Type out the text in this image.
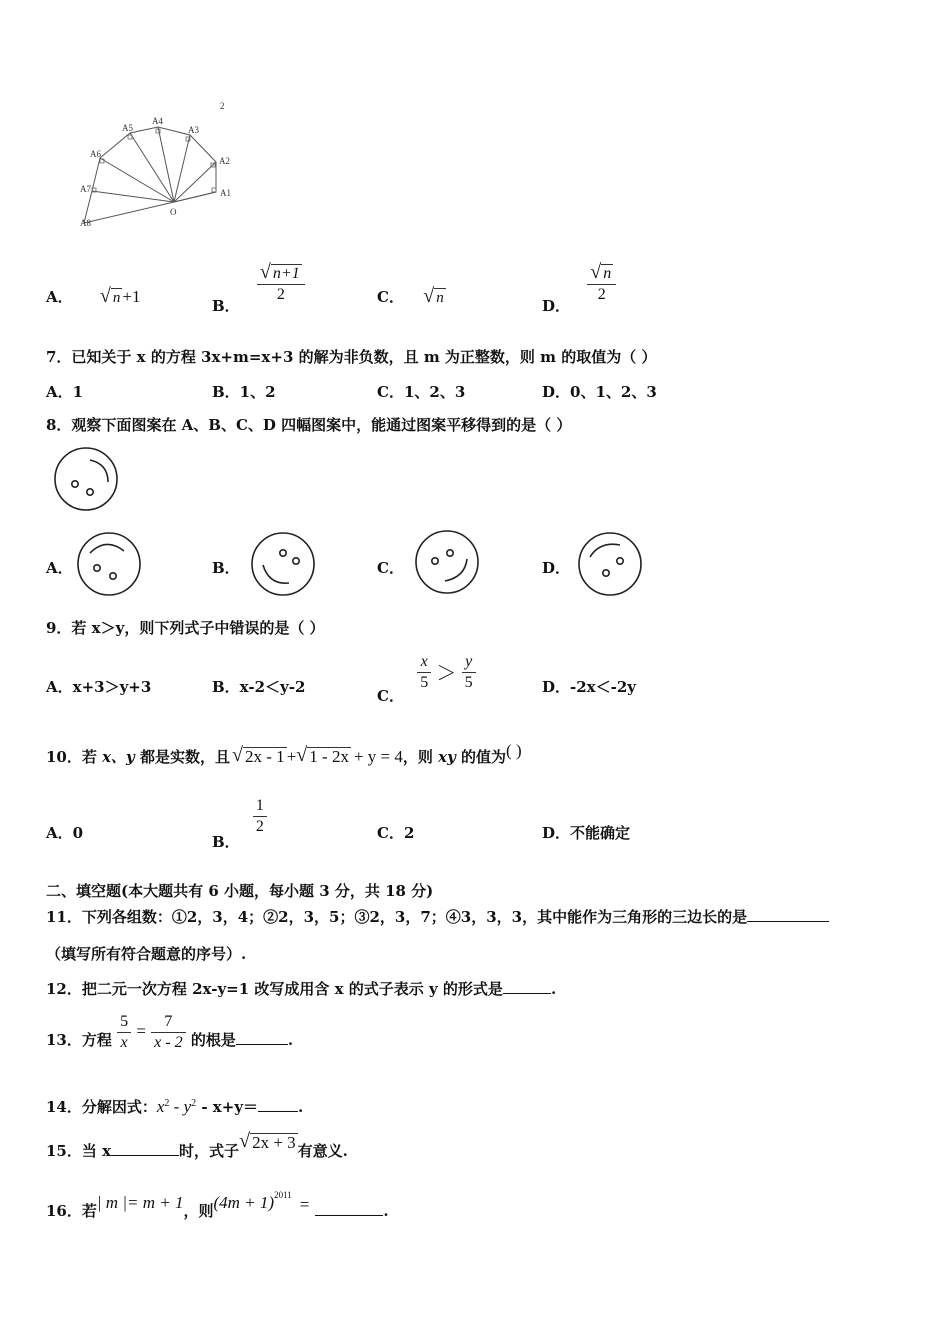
2
A1
A2
A3
A4
A5
A6
A7
A8
O
A． √ n +1	B．
$\frac{√ n+1}{2}$	C． √ n	D．
$\frac{√ n}{2}$
7．已知关于 x 的方程 3x+m=x+3 的解为非负数，且 m 为正整数，则 m 的取值为（ ）
A．1	B．1、2	C．1、2、3	D．0、1、2、3
8．观察下面图案在 A、B、C、D 四幅图案中，能通过图案平移得到的是（ ）
A．	B．	C．	D．
9．若 x＞y，则下列式子中错误的是（ ）
A．x+3＞y+3	B．x-2＜y-2	C．
$\frac{x}{5} > \frac{y}{5}$	D．-2x＜-2y
10．若 x、y 都是实数，且 √ 2x - 1 + √ 1 - 2x + y = 4，则 xy 的值为( )
A．0	B．
$\frac{1}{2}$	C．2	D．不能确定
二、填空题(本大题共有 6 小题，每小题 3 分，共 18 分)
11．下列各组数：①2，3，4；②2，3，5；③2，3，7；④3，3，3，其中能作为三角形的三边长的是
（填写所有符合题意的序号）.
12．把二元一次方程 2x-y=1 改写成用含 x 的式子表示 y 的形式是	.
13．方程 $\frac{5}{x} = \frac{7}{x - 2}$ 的根是	.
14．分解因式：$x^2 - y^2 - x+y=$	.
15．当 x	时，式子 √ 2x + 3 有意义.
16．若| m |= m + 1，则$(4m + 1)^{2011}$ =	.
